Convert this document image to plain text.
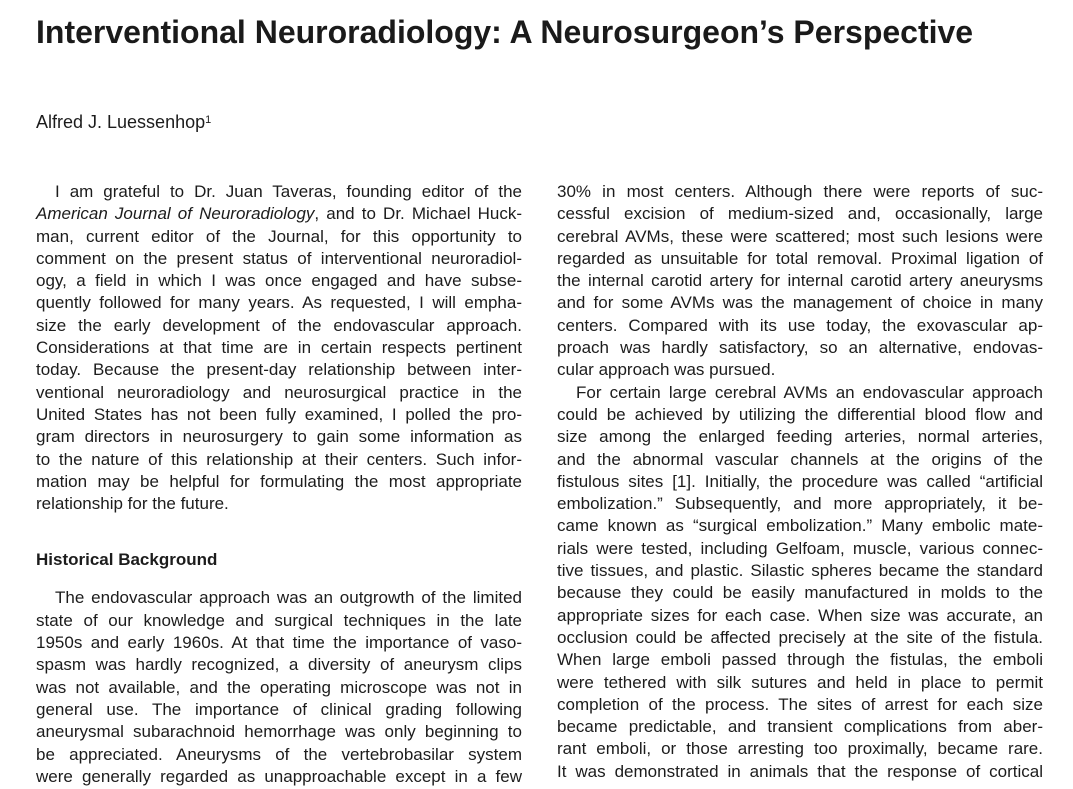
Interventional Neuroradiology: A Neurosurgeon’s Perspective
Alfred J. Luessenhop$^1$
I am grateful to Dr. Juan Taveras, founding editor of the
American Journal of Neuroradiology, and to Dr. Michael Huck-
man, current editor of the Journal, for this opportunity to
comment on the present status of interventional neuroradiol-
ogy, a field in which I was once engaged and have subse-
quently followed for many years. As requested, I will empha-
size the early development of the endovascular approach.
Considerations at that time are in certain respects pertinent
today. Because the present-day relationship between inter-
ventional neuroradiology and neurosurgical practice in the
United States has not been fully examined, I polled the pro-
gram directors in neurosurgery to gain some information as
to the nature of this relationship at their centers. Such infor-
mation may be helpful for formulating the most appropriate
relationship for the future.
Historical Background
The endovascular approach was an outgrowth of the limited
state of our knowledge and surgical techniques in the late
1950s and early 1960s. At that time the importance of vaso-
spasm was hardly recognized, a diversity of aneurysm clips
was not available, and the operating microscope was not in
general use. The importance of clinical grading following
aneurysmal subarachnoid hemorrhage was only beginning to
be appreciated. Aneurysms of the vertebrobasilar system
were generally regarded as unapproachable except in a few
30% in most centers. Although there were reports of suc-
cessful excision of medium-sized and, occasionally, large
cerebral AVMs, these were scattered; most such lesions were
regarded as unsuitable for total removal. Proximal ligation of
the internal carotid artery for internal carotid artery aneurysms
and for some AVMs was the management of choice in many
centers. Compared with its use today, the exovascular ap-
proach was hardly satisfactory, so an alternative, endovas-
cular approach was pursued.
For certain large cerebral AVMs an endovascular approach
could be achieved by utilizing the differential blood flow and
size among the enlarged feeding arteries, normal arteries,
and the abnormal vascular channels at the origins of the
fistulous sites [1]. Initially, the procedure was called “artificial
embolization.” Subsequently, and more appropriately, it be-
came known as “surgical embolization.” Many embolic mate-
rials were tested, including Gelfoam, muscle, various connec-
tive tissues, and plastic. Silastic spheres became the standard
because they could be easily manufactured in molds to the
appropriate sizes for each case. When size was accurate, an
occlusion could be affected precisely at the site of the fistula.
When large emboli passed through the fistulas, the emboli
were tethered with silk sutures and held in place to permit
completion of the process. The sites of arrest for each size
became predictable, and transient complications from aber-
rant emboli, or those arresting too proximally, became rare.
It was demonstrated in animals that the response of cortical
